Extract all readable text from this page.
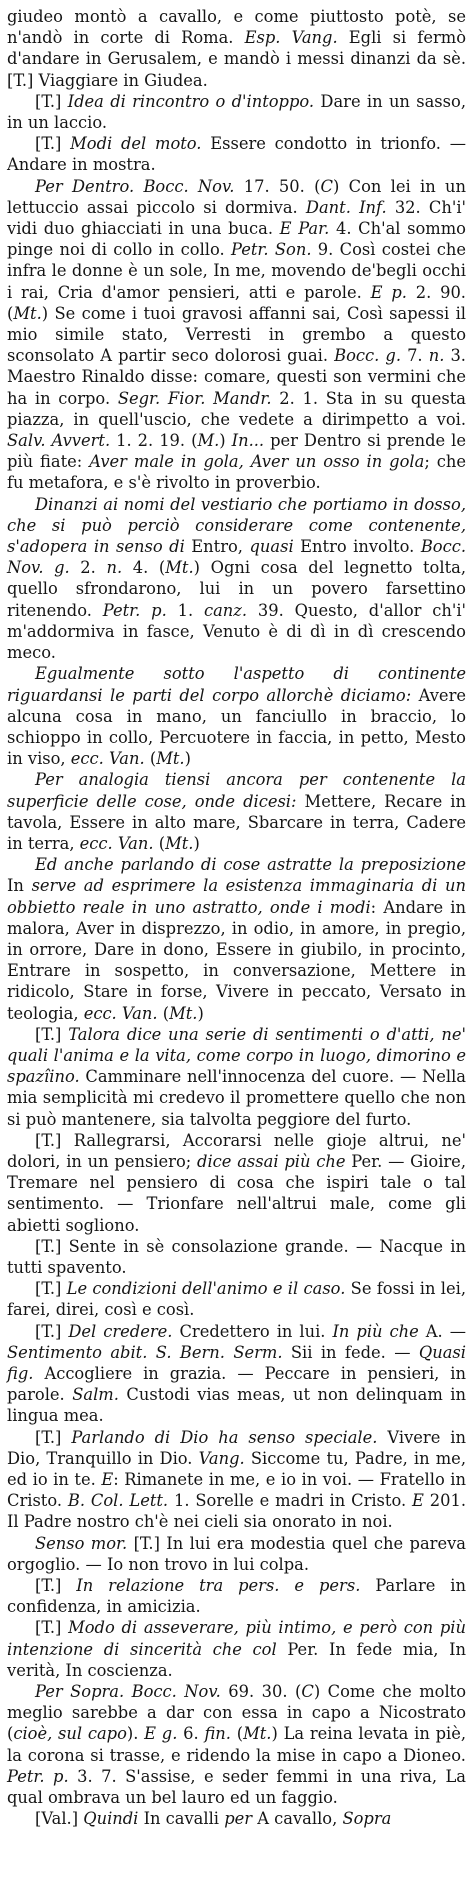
giudeo montò a cavallo, e come piuttosto potè, se n'andò in corte di Roma. Esp. Vang. Egli si fermò d'andare in Gerusalem, e mandò i messi dinanzi da sè. [T.] Viaggiare in Giudea.

[T.] Idea di rincontro o d'intoppo. Dare in un sasso, in un laccio.

[T.] Modi del moto. Essere condotto in trionfo. — Andare in mostra.

Per Dentro. Bocc. Nov. 17. 50. (C) Con lei in un lettuccio assai piccolo si dormiva. Dant. Inf. 32. Ch'i' vidi duo ghiacciati in una buca. E Par. 4. Ch'al sommo pinge noi di collo in collo. Petr. Son. 9. Così costei che infra le donne è un sole, In me, movendo de'begli occhi i rai, Cria d'amor pensieri, atti e parole. E p. 2. 90. (Mt.) Se come i tuoi gravosi affanni sai, Così sapessi il mio simile stato, Verresti in grembo a questo sconsolato A partir seco dolorosi guai. Bocc. g. 7. n. 3. Maestro Rinaldo disse: comare, questi son vermini che ha in corpo. Segr. Fior. Mandr. 2. 1. Sta in su questa piazza, in quell'uscio, che vedete a dirimpetto a voi. Salv. Avvert. 1. 2. 19. (M.) In... per Dentro si prende le più fiate: Aver male in gola, Aver un osso in gola; che fu metafora, e s'è rivolto in proverbio.

Dinanzi ai nomi del vestiario che portiamo in dosso, che si può perciò considerare come contenente, s'adopera in senso di Entro, quasi Entro involto. Bocc. Nov. g. 2. n. 4. (Mt.) Ogni cosa del legnetto tolta, quello sfrondarono, lui in un povero farsettino ritenendo. Petr. p. 1. canz. 39. Questo, d'allor ch'i' m'addormiva in fasce, Venuto è di dì in dì crescendo meco.

Egualmente sotto l'aspetto di continente riguardansi le parti del corpo allorchè diciamo: Avere alcuna cosa in mano, un fanciullo in braccio, lo schioppo in collo, Percuotere in faccia, in petto, Mesto in viso, ecc. Van. (Mt.)

Per analogia tiensi ancora per contenente la superficie delle cose, onde dicesi: Mettere, Recare in tavola, Essere in alto mare, Sbarcare in terra, Cadere in terra, ecc. Van. (Mt.)

Ed anche parlando di cose astratte la preposizione In serve ad esprimere la esistenza immaginaria di un obbietto reale in uno astratto, onde i modi: Andare in malora, Aver in disprezzo, in odio, in amore, in pregio, in orrore, Dare in dono, Essere in giubilo, in procinto, Entrare in sospetto, in conversazione, Mettere in ridicolo, Stare in forse, Vivere in peccato, Versato in teologia, ecc. Van. (Mt.)

[T.] Talora dice una serie di sentimenti o d'atti, ne' quali l'anima e la vita, come corpo in luogo, dimorino e spazîino. Camminare nell'innocenza del cuore. — Nella mia semplicità mi credevo il promettere quello che non si può mantenere, sia talvolta peggiore del furto.

[T.] Rallegrarsi, Accorarsi nelle gioje altrui, ne' dolori, in un pensiero; dice assai più che Per. — Gioire, Tremare nel pensiero di cosa che ispiri tale o tal sentimento. — Trionfare nell'altrui male, come gli abietti sogliono.

[T.] Sente in sè consolazione grande. — Nacque in tutti spavento.

[T.] Le condizioni dell'animo e il caso. Se fossi in lei, farei, direi, così e così.

[T.] Del credere. Credettero in lui. In più che A. — Sentimento abit. S. Bern. Serm. Sii in fede. — Quasi fig. Accogliere in grazia. — Peccare in pensieri, in parole. Salm. Custodi vias meas, ut non delinquam in lingua mea.

[T.] Parlando di Dio ha senso speciale. Vivere in Dio, Tranquillo in Dio. Vang. Siccome tu, Padre, in me, ed io in te. E: Rimanete in me, e io in voi. — Fratello in Cristo. B. Col. Lett. 1. Sorelle e madri in Cristo. E 201. Il Padre nostro ch'è nei cieli sia onorato in noi.

Senso mor. [T.] In lui era modestia quel che pareva orgoglio. — Io non trovo in lui colpa.

[T.] In relazione tra pers. e pers. Parlare in confidenza, in amicizia.

[T.] Modo di asseverare, più intimo, e però con più intenzione di sincerità che col Per. In fede mia, In verità, In coscienza.

Per Sopra. Bocc. Nov. 69. 30. (C) Come che molto meglio sarebbe a dar con essa in capo a Nicostrato (cioè, sul capo). E g. 6. fin. (Mt.) La reina levata in piè, la corona si trasse, e ridendo la mise in capo a Dioneo. Petr. p. 3. 7. S'assise, e seder femmi in una riva, La qual ombrava un bel lauro ed un faggio.

[Val.] Quindi In cavalli per A cavallo, Sopra
